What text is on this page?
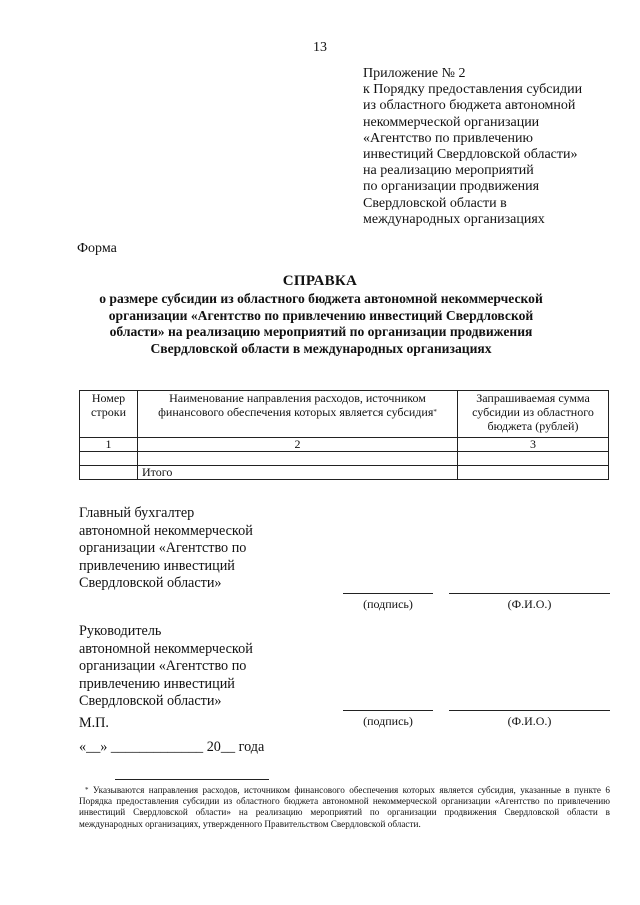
13
Приложение № 2
к Порядку предоставления субсидии
из областного бюджета автономной
некоммерческой организации
«Агентство по привлечению
инвестиций Свердловской области»
на реализацию мероприятий
по организации продвижения
Свердловской области в
международных организациях
Форма
СПРАВКА
о размере субсидии из областного бюджета автономной некоммерческой
организации «Агентство по привлечению инвестиций Свердловской
области» на реализацию мероприятий по организации продвижения
Свердловской области в международных организациях
Номер строки	Наименование направления расходов, источником финансового обеспечения которых является субсидия*	Запрашиваемая сумма субсидии из областного бюджета (рублей)
1	2	3

	Итого	
Главный бухгалтер
автономной некоммерческой
организации «Агентство по
привлечению инвестиций
Свердловской области»
(подпись)	(Ф.И.О.)
Руководитель
автономной некоммерческой
организации «Агентство по
привлечению инвестиций
Свердловской области»
(подпись)	(Ф.И.О.)
М.П.
«__» _____________ 20__ года

* Указываются направления расходов, источником финансового обеспечения которых является субсидия, указанные в пункте 6 Порядка предоставления субсидии из областного бюджета автономной некоммерческой организации «Агентство по привлечению инвестиций Свердловской области» на реализацию мероприятий по организации продвижения Свердловской области в международных организациях, утвержденного Правительством Свердловской области.
